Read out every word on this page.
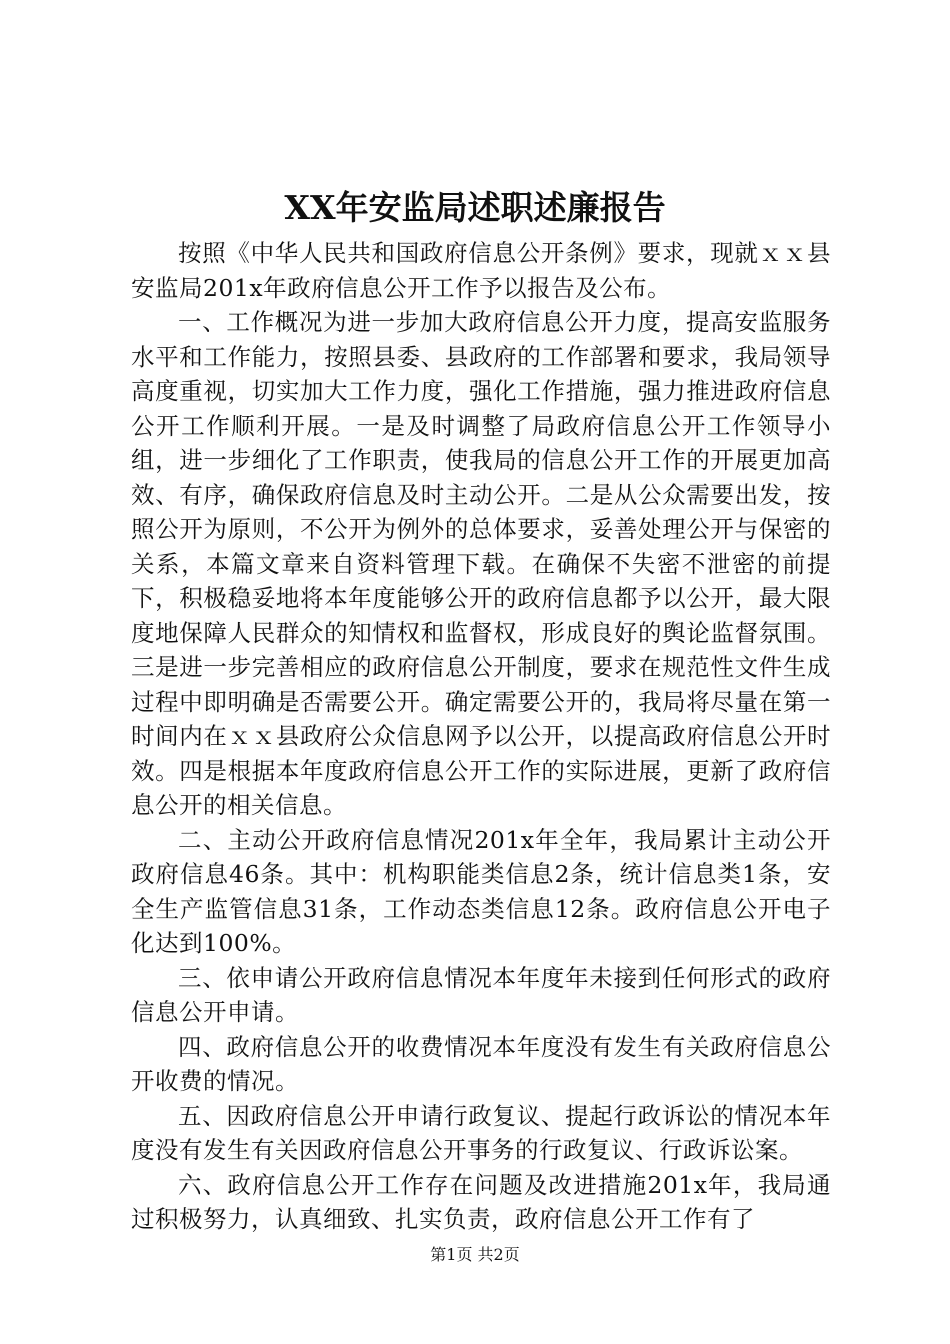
XX年安监局述职述廉报告

按照《中华人民共和国政府信息公开条例》要求，现就ｘｘ县安监局201x年政府信息公开工作予以报告及公布。

一、工作概况为进一步加大政府信息公开力度，提高安监服务水平和工作能力，按照县委、县政府的工作部署和要求，我局领导高度重视，切实加大工作力度，强化工作措施，强力推进政府信息公开工作顺利开展。一是及时调整了局政府信息公开工作领导小组，进一步细化了工作职责，使我局的信息公开工作的开展更加高效、有序，确保政府信息及时主动公开。二是从公众需要出发，按照公开为原则，不公开为例外的总体要求，妥善处理公开与保密的关系，本篇文章来自资料管理下载。在确保不失密不泄密的前提下，积极稳妥地将本年度能够公开的政府信息都予以公开，最大限度地保障人民群众的知情权和监督权，形成良好的舆论监督氛围。三是进一步完善相应的政府信息公开制度，要求在规范性文件生成过程中即明确是否需要公开。确定需要公开的，我局将尽量在第一时间内在ｘｘ县政府公众信息网予以公开，以提高政府信息公开时效。四是根据本年度政府信息公开工作的实际进展，更新了政府信息公开的相关信息。

二、主动公开政府信息情况201x年全年，我局累计主动公开政府信息46条。其中：机构职能类信息2条，统计信息类1条，安全生产监管信息31条，工作动态类信息12条。政府信息公开电子化达到100%。

三、依申请公开政府信息情况本年度年未接到任何形式的政府信息公开申请。

四、政府信息公开的收费情况本年度没有发生有关政府信息公开收费的情况。

五、因政府信息公开申请行政复议、提起行政诉讼的情况本年度没有发生有关因政府信息公开事务的行政复议、行政诉讼案。

六、政府信息公开工作存在问题及改进措施201x年，我局通过积极努力，认真细致、扎实负责，政府信息公开工作有了

第1页 共2页
